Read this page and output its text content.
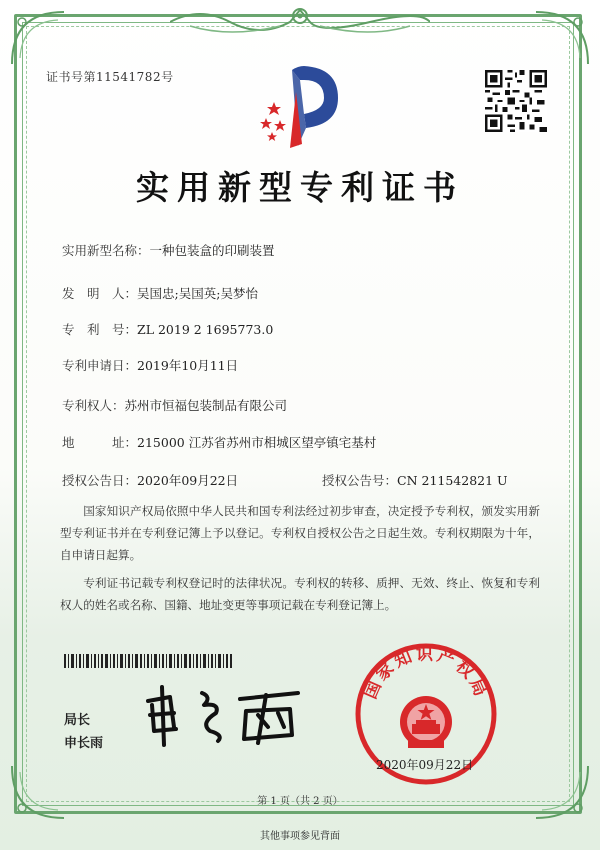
证书号第11541782号
实用新型专利证书
实用新型名称：一种包装盒的印刷装置
发　明　人：吴国忠;吴国英;吴梦怡
专　利　号：ZL 2019 2 1695773.0
专利申请日：2019年10月11日
专利权人：苏州市恒福包装制品有限公司
地　　　址：215000 江苏省苏州市相城区望亭镇宅基村
授权公告日：2020年09月22日	授权公告号：CN 211542821 U
国家知识产权局依照中华人民共和国专利法经过初步审查，决定授予专利权，颁发实用新型专利证书并在专利登记簿上予以登记。专利权自授权公告之日起生效。专利权期限为十年，自申请日起算。
专利证书记载专利权登记时的法律状况。专利权的转移、质押、无效、终止、恢复和专利权人的姓名或名称、国籍、地址变更等事项记载在专利登记簿上。
局长
申长雨
国家知识产权局
2020年09月22日
第 1 页（共 2 页）
其他事项参见背面
